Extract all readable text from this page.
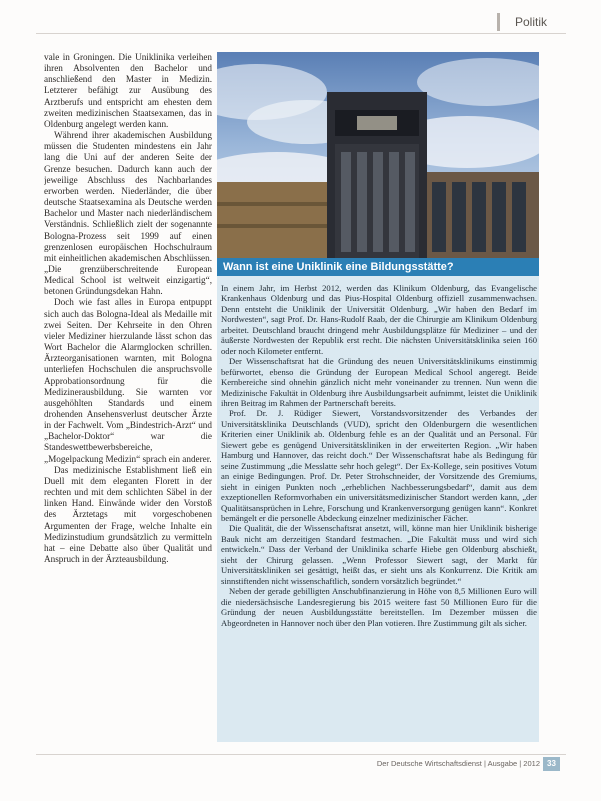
Politik

vale in Groningen. Die Uniklinika verleihen ihren Absolventen den Bachelor und anschließend den Master in Medizin. Letzterer befähigt zur Ausübung des Arztberufs und entspricht am ehesten dem zweiten medizinischen Staatsexamen, das in Oldenburg angelegt werden kann.

Während ihrer akademischen Ausbildung müssen die Studenten mindestens ein Jahr lang die Uni auf der anderen Seite der Grenze besuchen. Dadurch kann auch der jeweilige Abschluss des Nachbarlandes erworben werden. Niederländer, die über deutsche Staatsexamina als Deutsche werden Bachelor und Master nach niederländischem Verständnis. Schließlich zielt der sogenannte Bologna-Prozess seit 1999 auf einen grenzenlosen europäischen Hochschulraum mit einheitlichen akademischen Abschlüssen. „Die grenzüberschreitende European Medical School ist weltweit einzigartig“, betonen Gründungsdekan Hahn.

Doch wie fast alles in Europa entpuppt sich auch das Bologna-Ideal als Medaille mit zwei Seiten. Der Kehrseite in den Ohren vieler Mediziner hierzulande lässt schon das Wort Bachelor die Alarmglocken schrillen. Ärzteorganisationen warnten, mit Bologna unterliefen Hochschulen die anspruchsvolle Approbationsordnung für die Medizinerausbildung. Sie warnten vor ausgehöhlten Standards und einem drohenden Ansehensverlust deutscher Ärzte in der Fachwelt. Vom „Bindestrich-Arzt“ und „Bachelor-Doktor“ war die Standeswettbewerbsbereiche, „Mogelpackung Medizin“ sprach ein anderer.

Das medizinische Establishment ließ ein Duell mit dem eleganten Florett in der rechten und mit dem schlichten Säbel in der linken Hand. Einwände wider den Vorstoß des Ärztetags mit vorgeschobenen Argumenten der Frage, welche Inhalte ein Medizinstudium grundsätzlich zu vermitteln hat – eine Debatte also über Qualität und Anspruch in der Ärzteausbildung.

Wann ist eine Uniklinik eine Bildungsstätte?

In einem Jahr, im Herbst 2012, werden das Klinikum Oldenburg, das Evangelische Krankenhaus Oldenburg und das Pius-Hospital Oldenburg offiziell zusammenwachsen. Denn entsteht die Uniklinik der Universität Oldenburg. „Wir haben den Bedarf im Nordwesten“, sagt Prof. Dr. Hans-Rudolf Raab, der die Chirurgie am Klinikum Oldenburg arbeitet. Deutschland braucht dringend mehr Ausbildungsplätze für Mediziner – und der äußerste Nordwesten der Republik erst recht. Die nächsten Universitätsklinika seien 160 oder noch Kilometer entfernt.

Der Wissenschaftsrat hat die Gründung des neuen Universitätsklinikums einstimmig befürwortet, ebenso die Gründung der European Medical School angeregt. Beide Kernbereiche sind ohnehin gänzlich nicht mehr voneinander zu trennen. Nun wenn die Medizinische Fakultät in Oldenburg ihre Ausbildungsarbeit aufnimmt, leistet die Uniklinik ihren Beitrag im Rahmen der Partnerschaft bereits.

Prof. Dr. J. Rüdiger Siewert, Vorstandsvorsitzender des Verbandes der Universitätsklinika Deutschlands (VUD), spricht den Oldenburgern die wesentlichen Kriterien einer Uniklinik ab. Oldenburg fehle es an der Qualität und an Personal. Für Siewert gebe es genügend Universitätskliniken in der erweiterten Region. „Wir haben Hamburg und Hannover, das reicht doch.“ Der Wissenschaftsrat habe als Bedingung für seine Zustimmung „die Messlatte sehr hoch gelegt“. Der Ex-Kollege, sein positives Votum an einige Bedingungen. Prof. Dr. Peter Strohschneider, der Vorsitzende des Gremiums, sieht in einigen Punkten noch „erheblichen Nachbesserungsbedarf“, damit aus dem exzeptionellen Reformvorhaben ein universitätsmedizinischer Standort werden kann, „der Qualitätsansprüchen in Lehre, Forschung und Krankenversorgung genügen kann“. Konkret bemängelt er die personelle Abdeckung einzelner medizinischer Fächer.

Die Qualität, die der Wissenschaftsrat ansetzt, will, könne man hier Uniklinik bisherige Bauk nicht am derzeitigen Standard festmachen. „Die Fakultät muss und wird sich entwickeln.“ Dass der Verband der Uniklinika scharfe Hiebe gen Oldenburg abschießt, sieht der Chirurg gelassen. „Wenn Professor Siewert sagt, der Markt für Universitätskliniken sei gesättigt, heißt das, er sieht uns als Konkurrenz. Die Kritik am sinnstiftenden nicht wissenschaftlich, sondern vorsätzlich begründet.“

Neben der gerade gebilligten Anschubfinanzierung in Höhe von 8,5 Millionen Euro will die niedersächsische Landesregierung bis 2015 weitere fast 50 Millionen Euro für die Gründung der neuen Ausbildungsstätte bereitstellen. Im Dezember müssen die Abgeordneten in Hannover noch über den Plan votieren. Ihre Zustimmung gilt als sicher.

Der Deutsche Wirtschaftsdienst | Ausgabe | 2012 33
